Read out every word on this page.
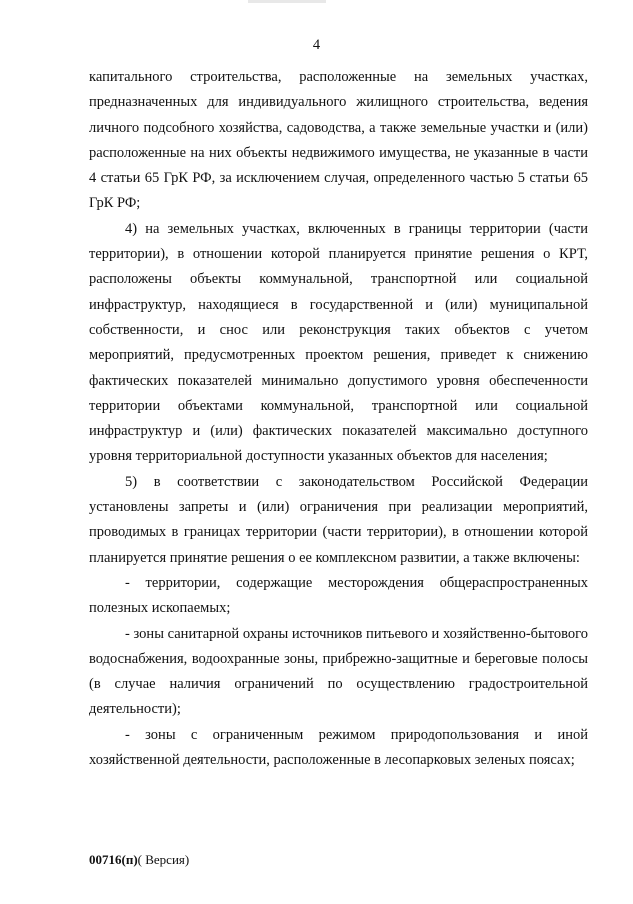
4

капитального строительства, расположенные на земельных участках, предназначенных для индивидуального жилищного строительства, ведения личного подсобного хозяйства, садоводства, а также земельные участки и (или) расположенные на них объекты недвижимого имущества, не указанные в части 4 статьи 65 ГрК РФ, за исключением случая, определенного частью 5 статьи 65 ГрК РФ;

4) на земельных участках, включенных в границы территории (части территории), в отношении которой планируется принятие решения о КРТ, расположены объекты коммунальной, транспортной или социальной инфраструктур, находящиеся в государственной и (или) муниципальной собственности, и снос или реконструкция таких объектов с учетом мероприятий, предусмотренных проектом решения, приведет к снижению фактических показателей минимально допустимого уровня обеспеченности территории объектами коммунальной, транспортной или социальной инфраструктур и (или) фактических показателей максимально доступного уровня территориальной доступности указанных объектов для населения;

5) в соответствии с законодательством Российской Федерации установлены запреты и (или) ограничения при реализации мероприятий, проводимых в границах территории (части территории), в отношении которой планируется принятие решения о ее комплексном развитии, а также включены:

- территории, содержащие месторождения общераспространенных полезных ископаемых;

- зоны санитарной охраны источников питьевого и хозяйственно-бытового водоснабжения, водоохранные зоны, прибрежно-защитные и береговые полосы (в случае наличия ограничений по осуществлению градостроительной деятельности);

- зоны с ограниченным режимом природопользования и иной хозяйственной деятельности, расположенные в лесопарковых зеленых поясах;

00716(п)( Версия)
